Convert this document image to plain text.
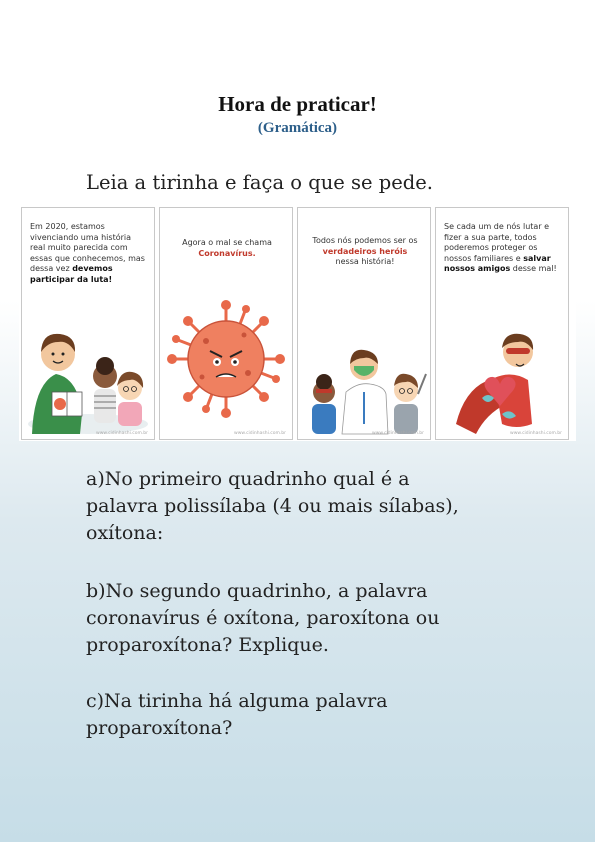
Hora de praticar!
(Gramática)
Leia a tirinha e faça o que se pede.
Em 2020, estamos vivenciando uma história real muito parecida com essas que conhecemos, mas dessa vez devemos participar da luta!
www.cidinhashi.com.br
Agora o mal se chama
Coronavírus.
www.cidinhashi.com.br
Todos nós podemos ser os verdadeiros heróis
nessa história!
www.cidinhashi.com.br
Se cada um de nós lutar e fizer a sua parte, todos poderemos proteger os nossos familiares e salvar nossos amigos desse mal!
www.cidinhashi.com.br

a)No primeiro quadrinho qual é a

palavra polissílaba (4 ou mais sílabas),

oxítona:

b)No segundo quadrinho, a palavra

coronavírus é oxítona, paroxítona ou

proparoxítona? Explique.

c)Na tirinha há alguma palavra

proparoxítona?
